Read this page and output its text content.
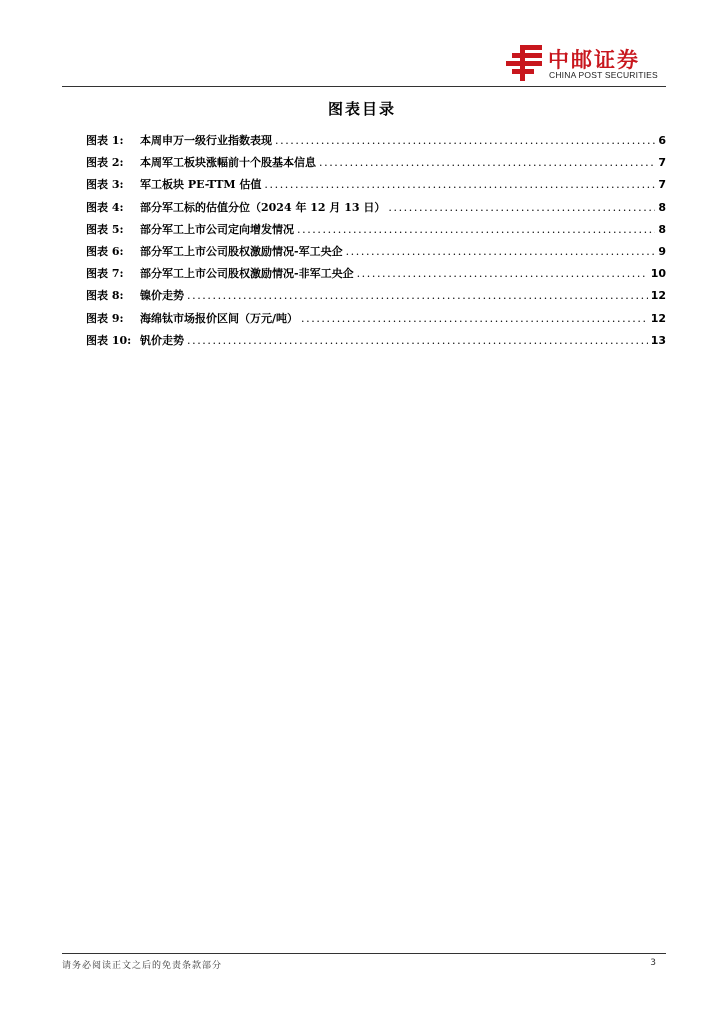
中邮证券
CHINA POST SECURITIES
图表目录
图表 1:	本周申万一级行业指数表现 .....	6
图表 2:	本周军工板块涨幅前十个股基本信息 .....	7
图表 3:	军工板块 PE-TTM 估值 .....	7
图表 4:	部分军工标的估值分位（2024 年 12 月 13 日） .....	8
图表 5:	部分军工上市公司定向增发情况 .....	8
图表 6:	部分军工上市公司股权激励情况-军工央企 .....	9
图表 7:	部分军工上市公司股权激励情况-非军工央企 .....	10
图表 8:	镍价走势 .....	12
图表 9:	海绵钛市场报价区间（万元/吨） .....	12
图表 10: 钒价走势 .....	13
请务必阅读正文之后的免责条款部分	3
